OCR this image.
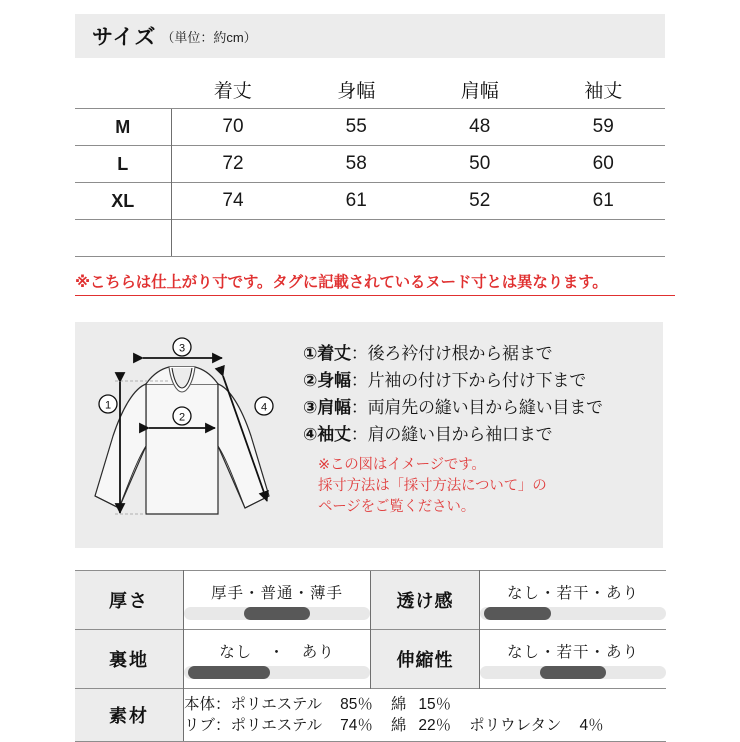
サイズ （単位：約cm）
	着丈	身幅	肩幅	袖丈
M	70	55	48	59
L	72	58	50	60
XL	74	61	52	61

※こちらは仕上がり寸です。タグに記載されているヌード寸とは異なります。
1
2
3
4
①着丈：後ろ衿付け根から裾まで
②身幅：片袖の付け下から付け下まで
③肩幅：両肩先の縫い目から縫い目まで
④袖丈：肩の縫い目から袖口まで
※この図はイメージです。
採寸方法は「採寸方法について」の
ページをご覧ください。
厚さ	厚手・普通・薄手	透け感	なし・若干・あり

裏地	なし　・　あり	伸縮性	なし・若干・あり

素材	本体：ポリエステル 85％ 綿 15％
リブ：ポリエステル 74％ 綿 22％ ポリウレタン 4％		
